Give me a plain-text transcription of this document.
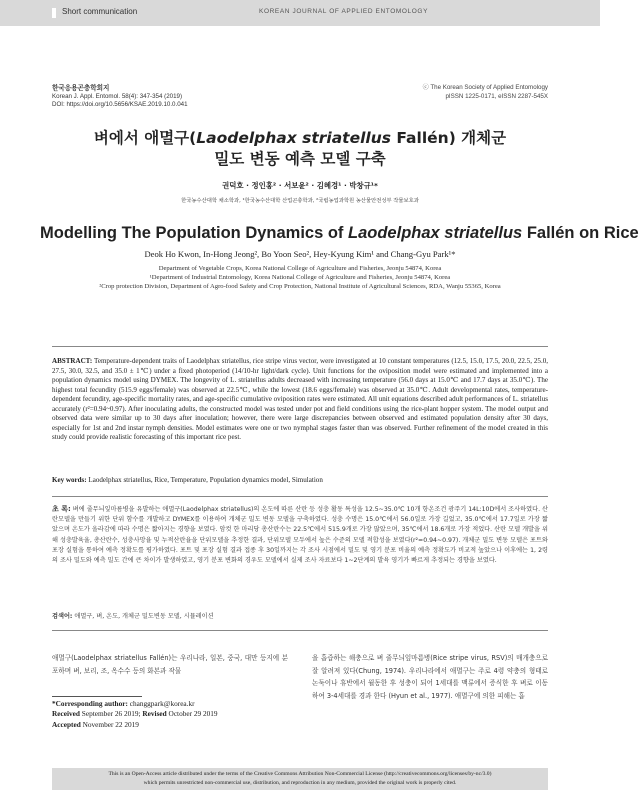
Short communication	KOREAN JOURNAL OF APPLIED ENTOMOLOGY
한국응용곤충학회지
Korean J. Appl. Entomol. 58(4): 347-354 (2019)
DOI: https://doi.org/10.5656/KSAE.2019.10.0.041
ⓒ The Korean Society of Applied Entomology
pISSN 1225-0171, eISSN 2287-545X
벼에서 애멸구(Laodelphax striatellus Fallén) 개체군
밀도 변동 예측 모델 구축
권덕호 · 정인홍² · 서보윤² · 김혜경¹ · 박창규¹*
한국농수산대학 채소학과, ¹한국농수산대학 산업곤충학과, ²국립농업과학원 농산물안전성부 작물보호과
Modelling The Population Dynamics of Laodelphax striatellus Fallén on Rice
Deok Ho Kwon, In-Hong Jeong², Bo Yoon Seo², Hey-Kyung Kim¹ and Chang-Gyu Park¹*
Department of Vegetable Crops, Korea National College of Agriculture and Fisheries, Jeonju 54874, Korea
¹Department of Industrial Entomology, Korea National College of Agriculture and Fisheries, Jeonju 54874, Korea
²Crop protection Division, Department of Agro-food Safety and Crop Protection, National Institute of Agricultural Sciences, RDA, Wanju 55365, Korea
ABSTRACT: Temperature-dependent traits of Laodelphax striatellus, rice stripe virus vector, were investigated at 10 constant temperatures (12.5, 15.0, 17.5, 20.0, 22.5, 25.0, 27.5, 30.0, 32.5, and 35.0 ± 1℃) under a fixed photoperiod (14/10-hr light/dark cycle). Unit functions for the oviposition model were estimated and implemented into a population dynamics model using DYMEX. The longevity of L. striatellus adults decreased with increasing temperature (56.0 days at 15.0℃ and 17.7 days at 35.0℃). The highest total fecundity (515.9 eggs/female) was observed at 22.5℃, while the lowest (18.6 eggs/female) was observed at 35.0℃. Adult developmental rates, temperature-dependent fecundity, age-specific mortality rates, and age-specific cumulative oviposition rates were estimated. All unit equations described adult performances of L. striatellus accurately (r²=0.94~0.97). After inoculating adults, the constructed model was tested under pot and field conditions using the rice-plant hopper system. The model output and observed data were similar up to 30 days after inoculation; however, there were large discrepancies between observed and estimated population density after 30 days, especially for 1st and 2nd instar nymph densities. Model estimates were one or two nymphal stages faster than was observed. Further refinement of the model created in this study could provide realistic forecasting of this important rice pest.
Key words: Laodelphax striatellus, Rice, Temperature, Population dynamics model, Simulation
초 록: 벼에 줄무늬잎마름병을 유발하는 애멸구(Laodelphax striatellus)의 온도에 따른 산란 등 성충 활동 특성을 12.5~35.0℃ 10개 항온조건 광주기 14L:10D에서 조사하였다. 산란모델을 만들기 위한 단위 함수를 개발하고 DYMEX를 이용하여 개체군 밀도 변동 모델을 구축하였다. 성충 수명은 15.0℃에서 56.0일로 가장 길었고, 35.0℃에서 17.7일로 가장 짧았으며 온도가 올라감에 따라 수명은 짧아지는 경향을 보였다. 암컷 한 마리당 총산란수는 22.5℃에서 515.9개로 가장 많았으며, 35℃에서 18.6개로 가장 적었다. 산란 모델 개발을 위해 성충발육율, 총산란수, 성충사망율 및 누적산란율을 단위모델을 추정한 결과, 단위모델 모두에서 높은 수준의 모델 적합성을 보였다(r²=0.94~0.97). 개체군 밀도 변동 모델은 포트와 포장 실험을 통하여 예측 정확도를 평가하였다. 포트 및 포장 실험 결과 접종 후 30일까지는 각 조사 시점에서 밀도 및 영기 분포 비율의 예측 정확도가 비교적 높았으나 이후에는 1, 2령의 조사 밀도와 예측 밀도 간에 큰 차이가 발생하였고, 영기 분포 변화의 경우도 모델에서 실제 조사 자료보다 1~2단계의 발육 영기가 빠르게 추정되는 경향을 보였다.
검색어: 애멸구, 벼, 온도, 개체군 밀도변동 모델, 시뮬레이션
애멸구(Laodelphax striatellus Fallén)는 우리나라, 일본, 중국, 대만 등지에 분포하며 벼, 보리, 조, 옥수수 등의 화본과 작물
을 흡즙하는 해충으로 벼 줄무늬잎마름병(Rice stripe virus, RSV)의 매개충으로 잘 알려져 있다(Chung, 1974). 우리나라에서 애멸구는 주로 4령 약충의 형태로 논둑이나 휴반에서 월동한 후 성충이 되어 1세대를 맥류에서 증식한 후 벼로 이동하여 3-4세대를 경과 한다 (Hyun et al., 1977). 애멸구에 의한 피해는 흡
*Corresponding author: changgpark@korea.kr
Received September 26 2019; Revised October 29 2019
Accepted November 22 2019
This is an Open-Access article distributed under the terms of the Creative Commons Attribution Non-Commercial License (http://creativecommons.org/licenses/by-nc/3.0)
which permits unrestricted non-commercial use, distribution, and reproduction in any medium, provided the original work is properly cited.
